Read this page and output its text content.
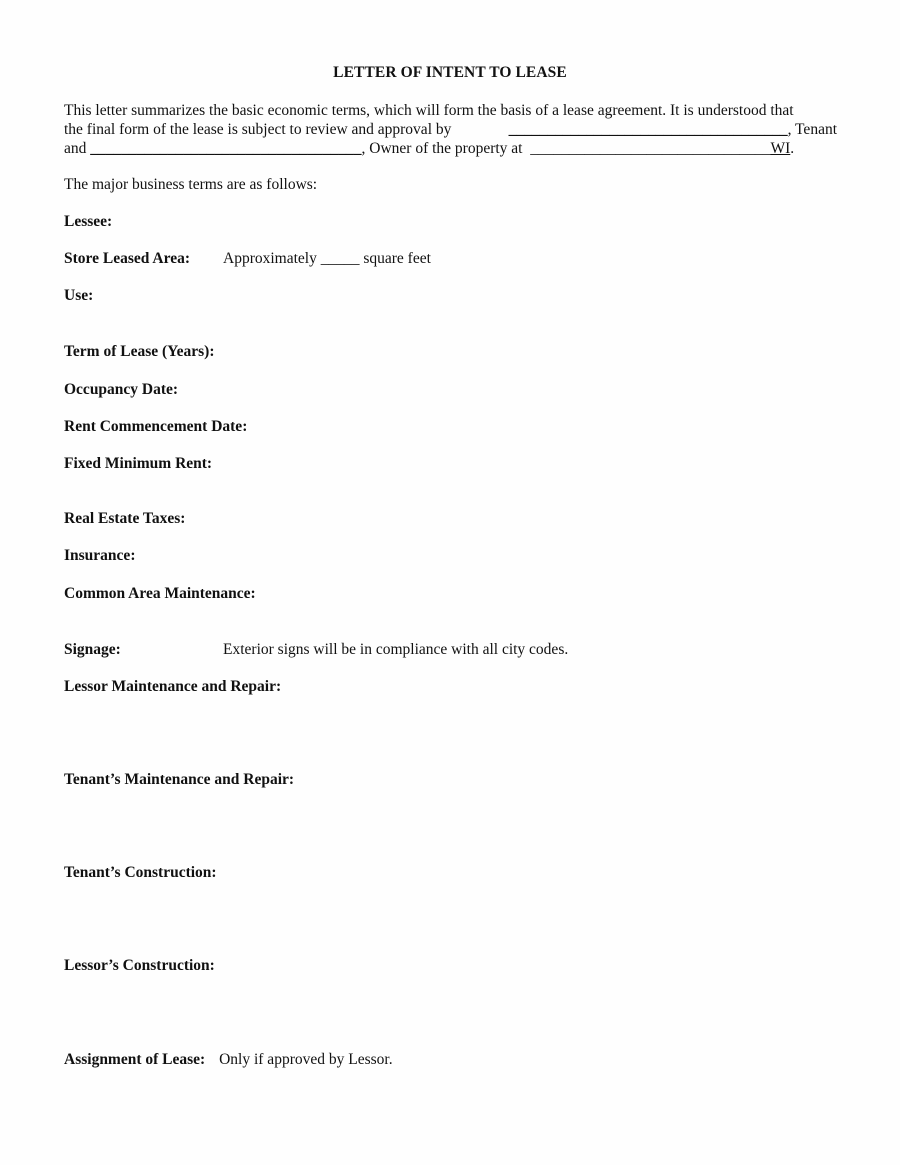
LETTER OF INTENT TO LEASE
This letter summarizes the basic economic terms, which will form the basis of a lease agreement. It is understood that
the final form of the lease is subject to review and approval by	____________________________________, Tenant
and
___________________________________ , Owner of the property at
_______________________________ WI .
The major business terms are as follows:
Lessee:
Store Leased Area: Approximately _____ square feet
Use:
Term of Lease (Years):
Occupancy Date:
Rent Commencement Date:
Fixed Minimum Rent:
Real Estate Taxes:
Insurance:
Common Area Maintenance:
Signage:	Exterior signs will be in compliance with all city codes.
Lessor Maintenance and Repair:
Tenant’s Maintenance and Repair:
Tenant’s Construction:
Lessor’s Construction:
Assignment of Lease: Only if approved by Lessor.
